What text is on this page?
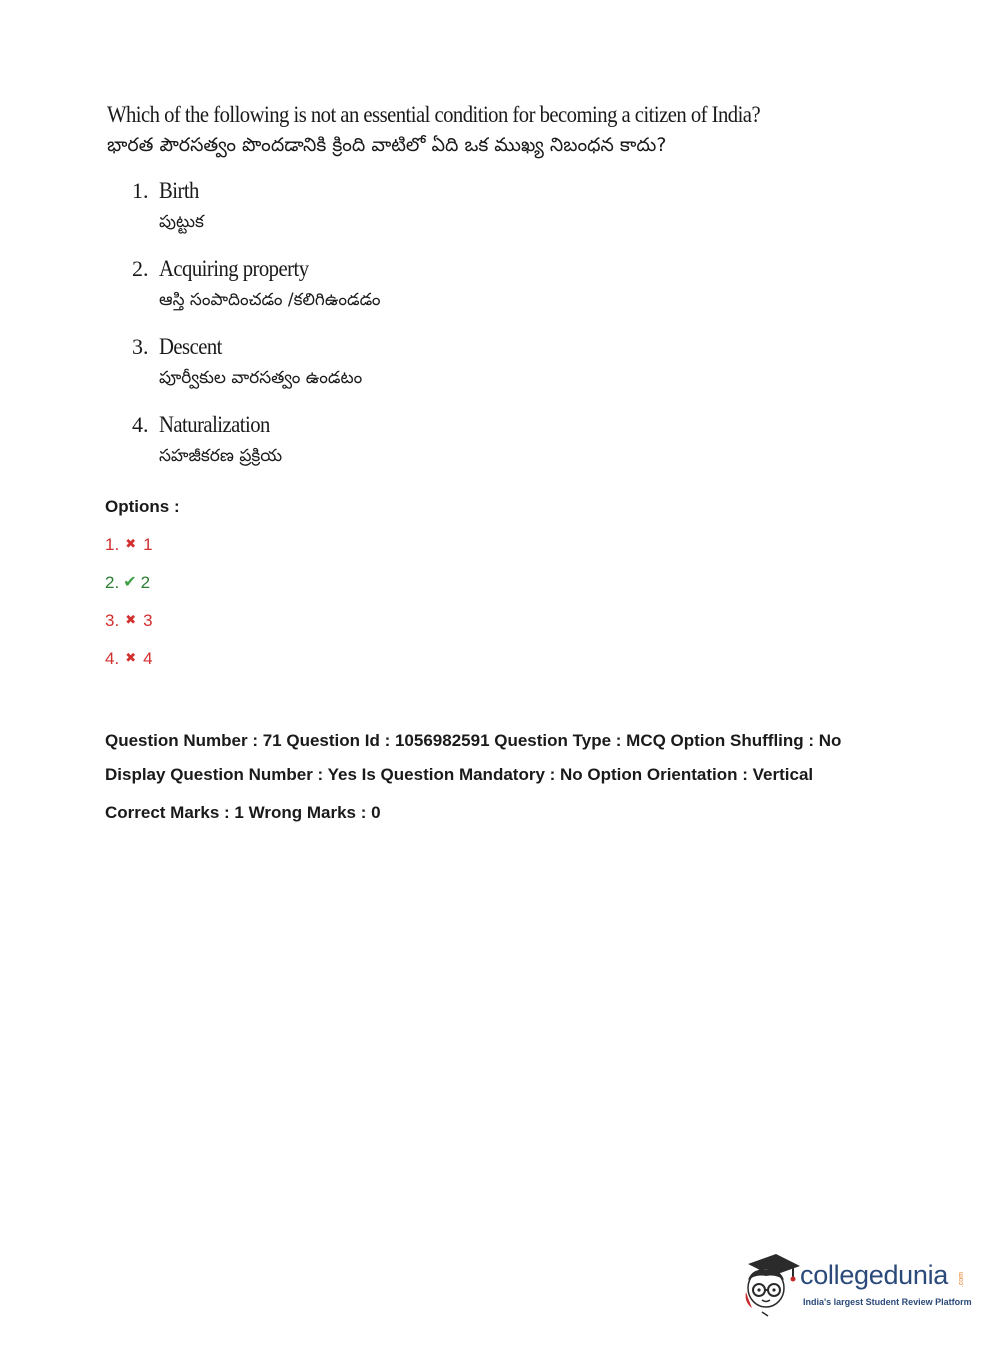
Which of the following is not an essential condition for becoming a citizen of India?
భారత పౌరసత్వం పొందడానికి క్రింది వాటిలో ఏది ఒక ముఖ్య నిబంధన కాదు?
1. Birth
పుట్టుక
2. Acquiring property
ఆస్తి సంపాదించడం /కలిగిఉండడం
3. Descent
పూర్వీకుల వారసత్వం ఉండటం
4. Naturalization
సహజీకరణ ప్రక్రియ
Options :
1. ✖ 1
2. ✔ 2
3. ✖ 3
4. ✖ 4
Question Number : 71 Question Id : 1056982591 Question Type : MCQ Option Shuffling : No
Display Question Number : Yes Is Question Mandatory : No Option Orientation : Vertical
Correct Marks : 1 Wrong Marks : 0
collegedunia .com
India's largest Student Review Platform
